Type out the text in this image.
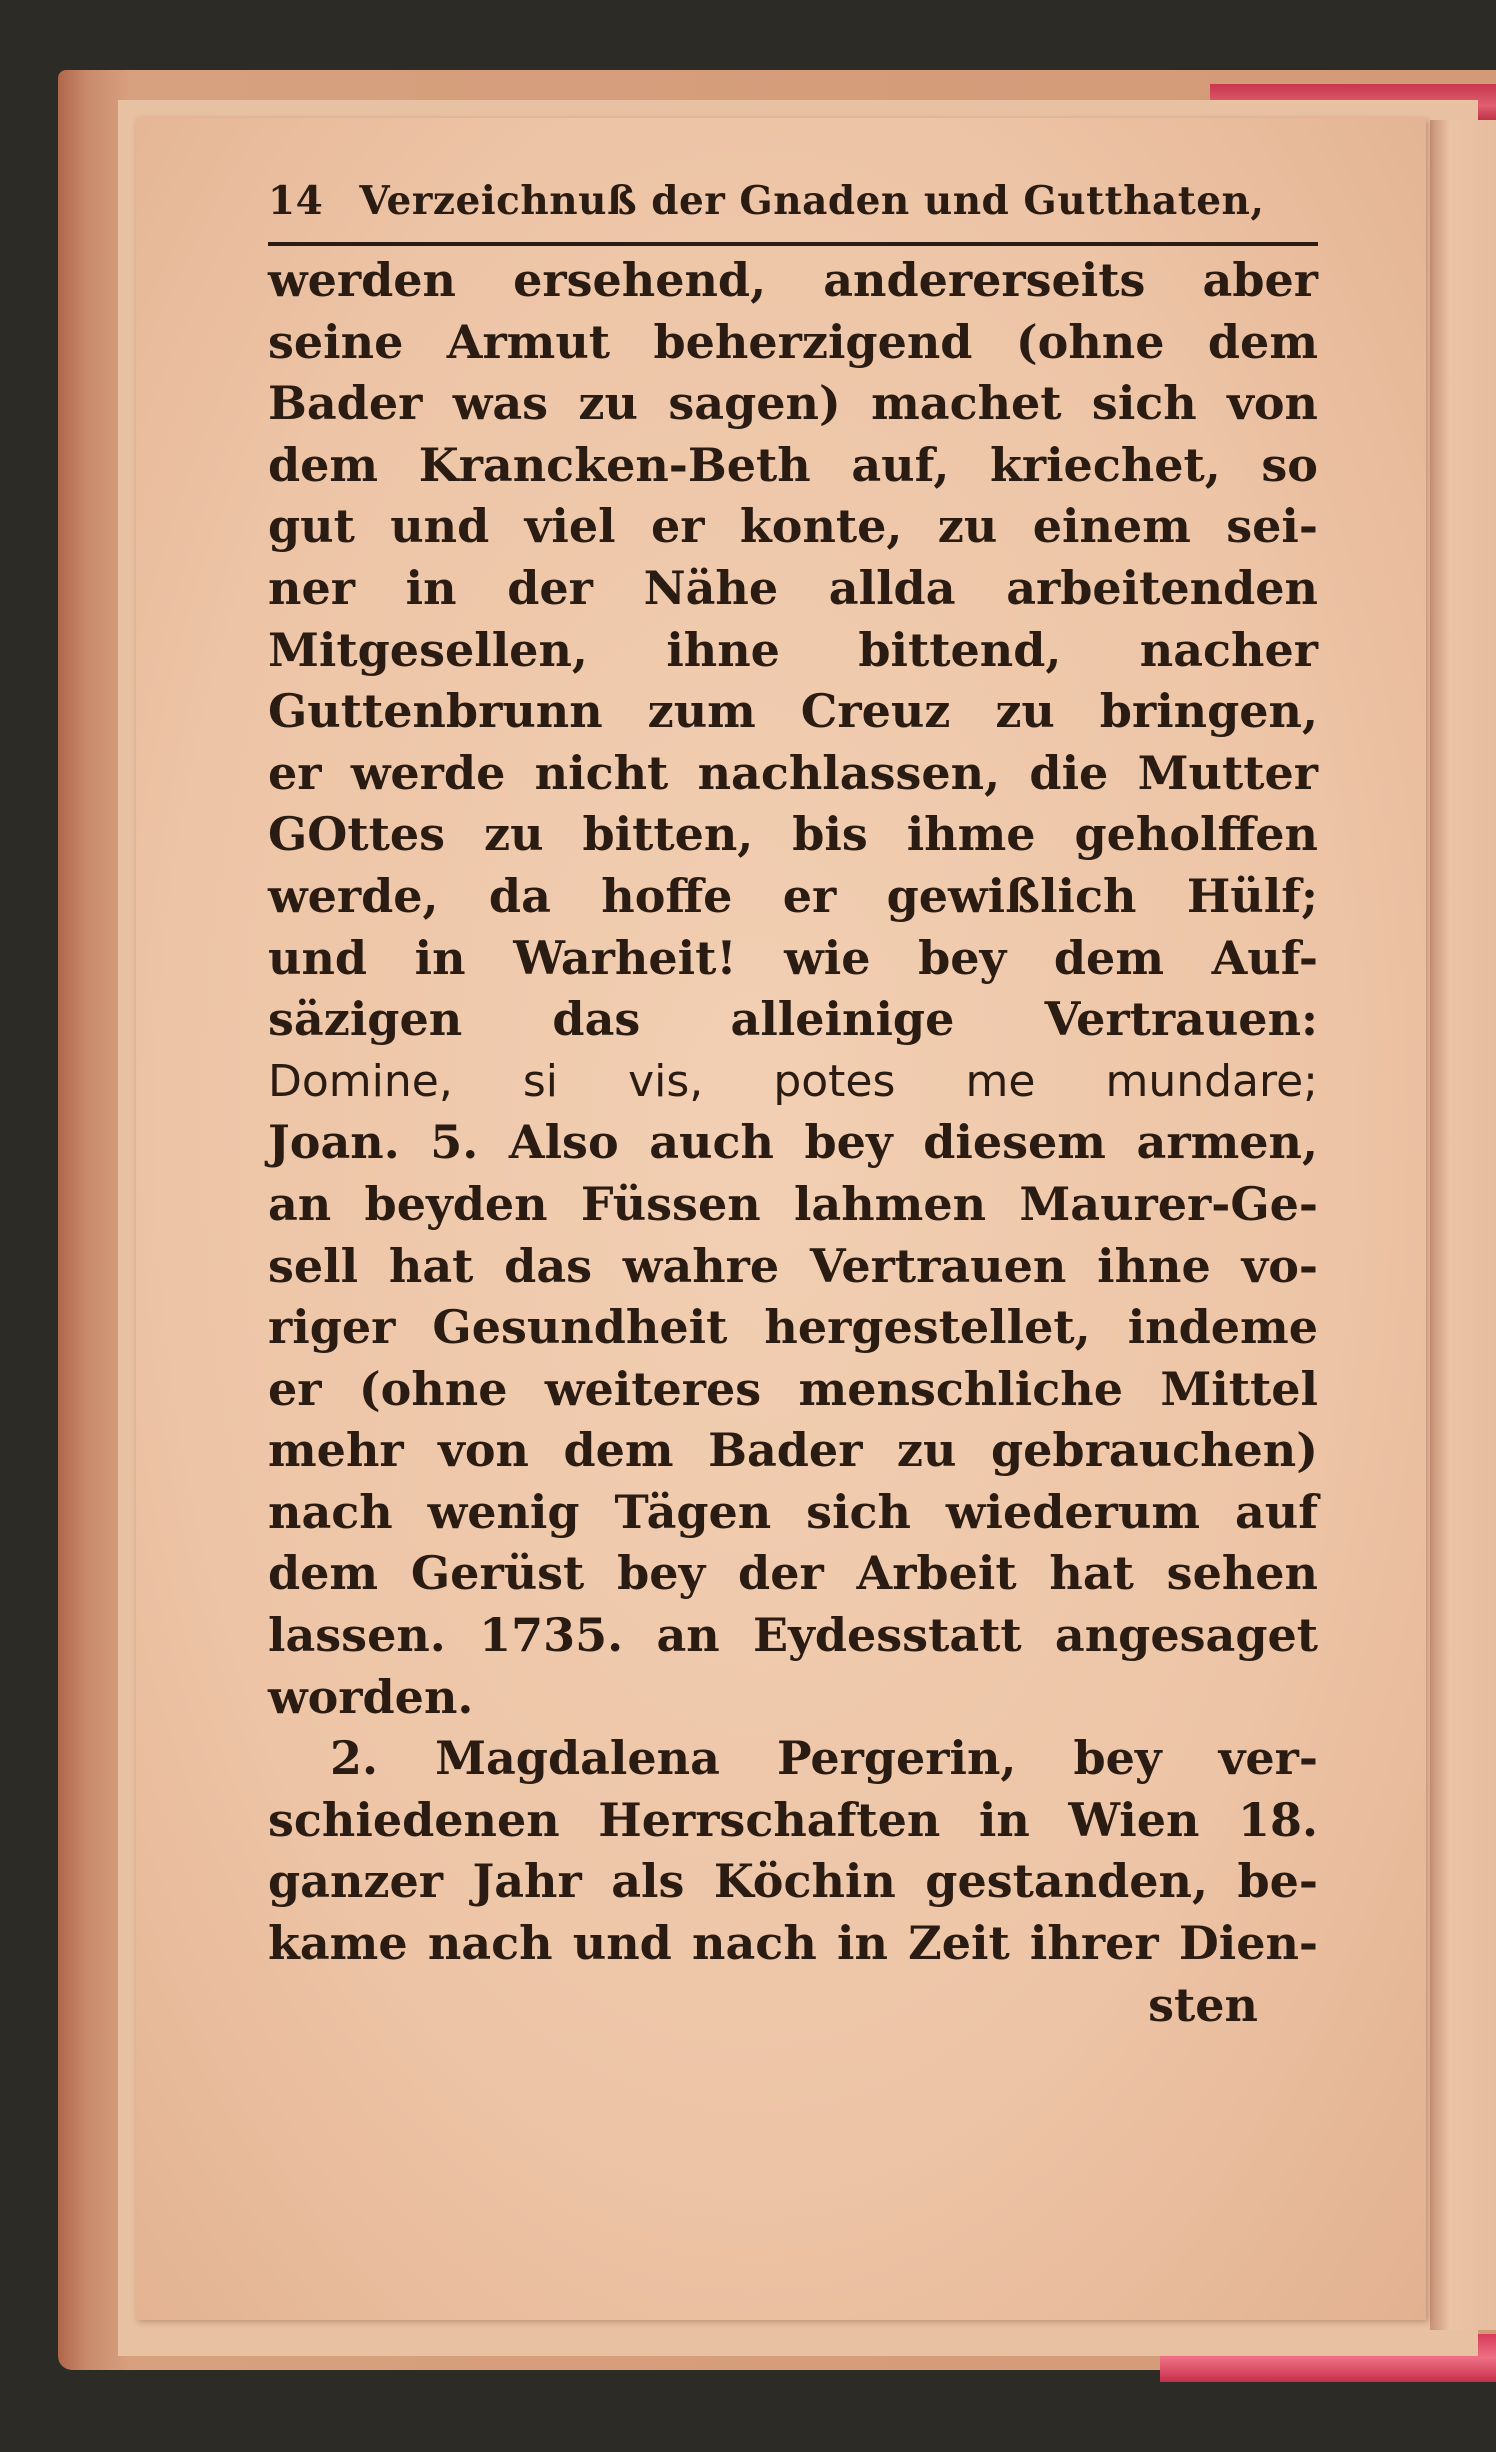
14 Verzeichnuß der Gnaden und Gutthaten,
werden ersehend, andererseits aber
seine Armut beherzigend (ohne dem
Bader was zu sagen) machet sich von
dem Krancken-Beth auf, kriechet, so
gut und viel er konte, zu einem sei-
ner in der Nähe allda arbeitenden
Mitgesellen, ihne bittend, nacher
Guttenbrunn zum Creuz zu bringen,
er werde nicht nachlassen, die Mutter
GOttes zu bitten, bis ihme geholffen
werde, da hoffe er gewißlich Hülf;
und in Warheit! wie bey dem Auf-
säzigen das alleinige Vertrauen:
Domine, si vis, potes me mundare;
Joan. 5. Also auch bey diesem armen,
an beyden Füssen lahmen Maurer-Ge-
sell hat das wahre Vertrauen ihne vo-
riger Gesundheit hergestellet, indeme
er (ohne weiteres menschliche Mittel
mehr von dem Bader zu gebrauchen)
nach wenig Tägen sich wiederum auf
dem Gerüst bey der Arbeit hat sehen
lassen. 1735. an Eydesstatt angesaget
worden.
2. Magdalena Pergerin, bey ver-
schiedenen Herrschaften in Wien 18.
ganzer Jahr als Köchin gestanden, be-
kame nach und nach in Zeit ihrer Dien-
sten
